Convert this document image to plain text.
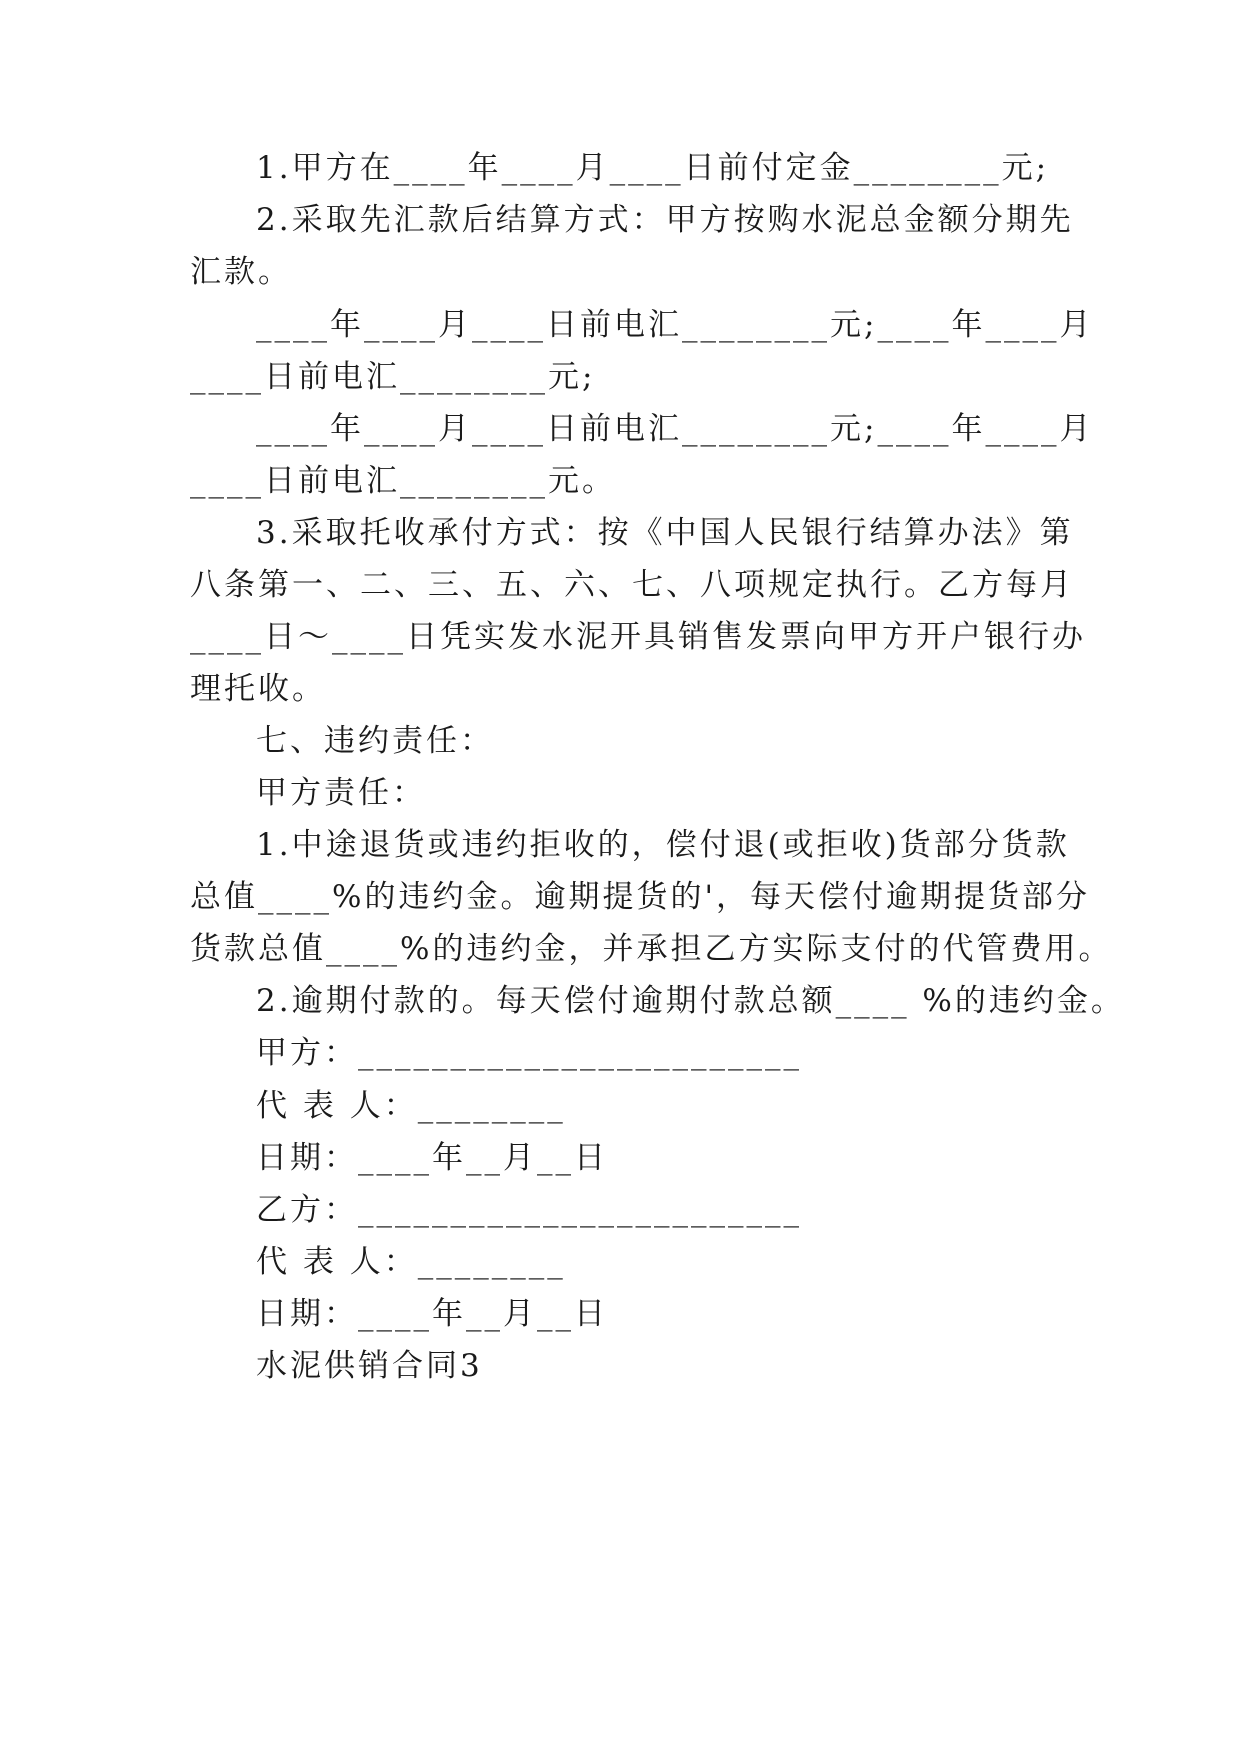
1.甲方在____年____月____日前付定金________元;
2.采取先汇款后结算方式：甲方按购水泥总金额分期先
汇款。
____年____月____日前电汇________元;____年____月
____日前电汇________元;
____年____月____日前电汇________元;____年____月
____日前电汇________元。
3.采取托收承付方式：按《中国人民银行结算办法》第
八条第一、二、三、五、六、七、八项规定执行。乙方每月
____日～____日凭实发水泥开具销售发票向甲方开户银行办
理托收。
七、违约责任：
甲方责任：
1.中途退货或违约拒收的，偿付退(或拒收)货部分货款
总值____%的违约金。逾期提货的'，每天偿付逾期提货部分
货款总值____%的违约金，并承担乙方实际支付的代管费用。
2.逾期付款的。每天偿付逾期付款总额____ %的违约金。
甲方：________________________
代 表 人：________
日期：____年__月__日
乙方：________________________
代 表 人：________
日期：____年__月__日
水泥供销合同3
